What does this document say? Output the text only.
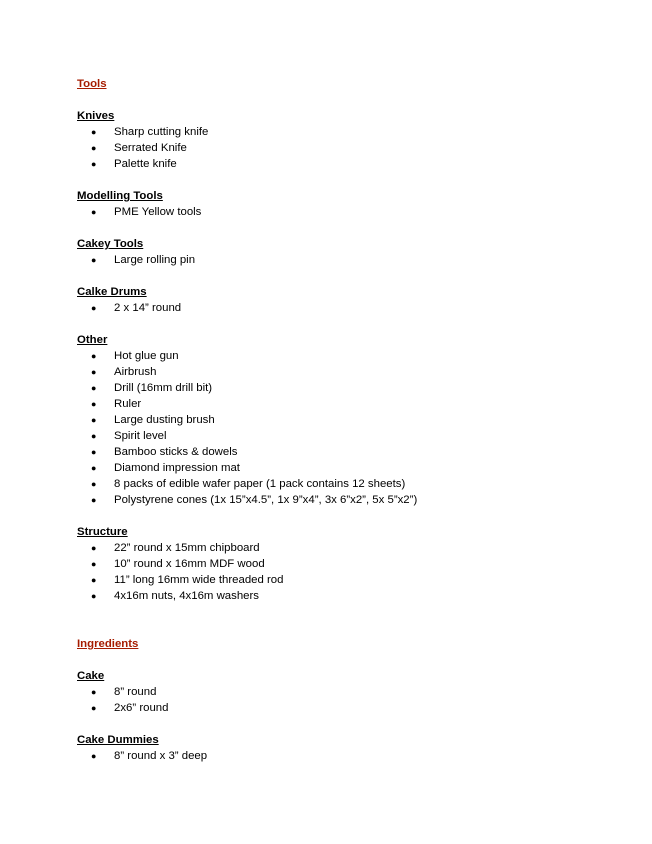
Tools
Knives
● Sharp cutting knife
● Serrated Knife
● Palette knife
Modelling Tools
● PME Yellow tools
Cakey Tools
● Large rolling pin
Calke Drums
● 2 x 14” round
Other
● Hot glue gun
● Airbrush
● Drill (16mm drill bit)
● Ruler
● Large dusting brush
● Spirit level
● Bamboo sticks & dowels
● Diamond impression mat
● 8 packs of edible wafer paper (1 pack contains 12 sheets)
● Polystyrene cones (1x 15”x4.5”, 1x 9”x4”, 3x 6”x2”, 5x 5”x2”)
Structure
● 22” round x 15mm chipboard
● 10” round x 16mm MDF wood
● 11” long 16mm wide threaded rod
● 4x16m nuts, 4x16m washers
Ingredients
Cake
● 8” round
● 2x6” round
Cake Dummies
● 8” round x 3” deep
